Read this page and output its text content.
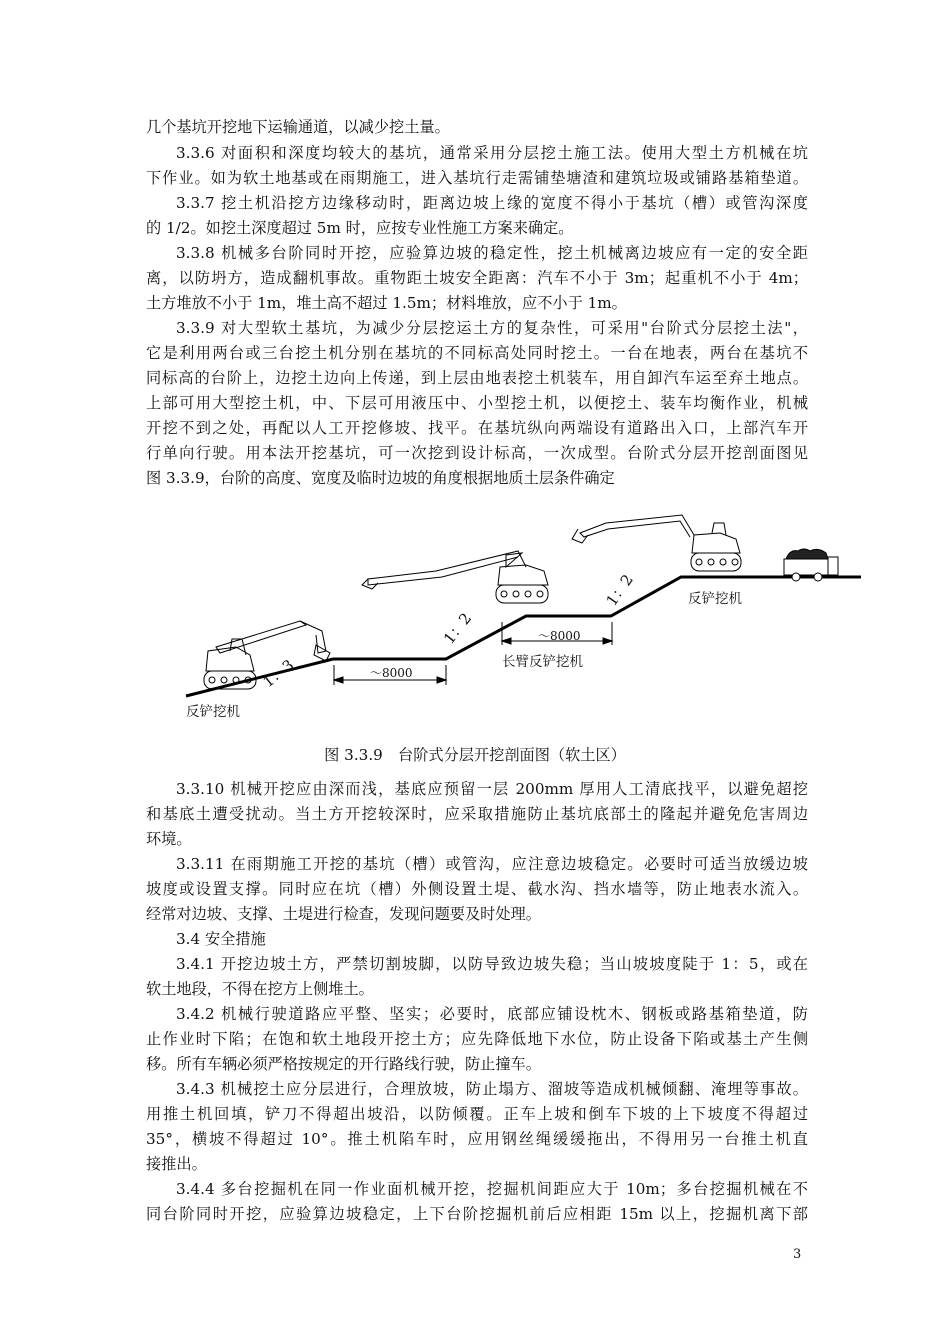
几个基坑开挖地下运输通道，以减少挖土量。
3.3.6 对面积和深度均较大的基坑，通常采用分层挖土施工法。使用大型土方机械在坑
下作业。如为软土地基或在雨期施工，进入基坑行走需铺垫塘渣和建筑垃圾或铺路基箱垫道。
3.3.7 挖土机沿挖方边缘移动时，距离边坡上缘的宽度不得小于基坑（槽）或管沟深度
的 1/2。如挖土深度超过 5m 时，应按专业性施工方案来确定。
3.3.8 机械多台阶同时开挖，应验算边坡的稳定性，挖土机械离边坡应有一定的安全距
离，以防坍方，造成翻机事故。重物距土坡安全距离：汽车不小于 3m；起重机不小于 4m；
土方堆放不小于 1m，堆土高不超过 1.5m；材料堆放，应不小于 1m。
3.3.9 对大型软土基坑，为减少分层挖运土方的复杂性，可采用"台阶式分层挖土法"，
它是利用两台或三台挖土机分别在基坑的不同标高处同时挖土。一台在地表，两台在基坑不
同标高的台阶上，边挖土边向上传递，到上层由地表挖土机装车，用自卸汽车运至弃土地点。
上部可用大型挖土机，中、下层可用液压中、小型挖土机，以便挖土、装车均衡作业，机械
开挖不到之处，再配以人工开挖修坡、找平。在基坑纵向两端设有道路出入口，上部汽车开
行单向行驶。用本法开挖基坑，可一次挖到设计标高，一次成型。台阶式分层开挖剖面图见
图 3.3.9，台阶的高度、宽度及临时边坡的角度根据地质土层条件确定
1：3
1：2
1：2
～8000
～8000
反铲挖机
长臂反铲挖机
反铲挖机
图 3.3.9　台阶式分层开挖剖面图（软土区）
3.3.10 机械开挖应由深而浅，基底应预留一层 200mm 厚用人工清底找平，以避免超挖
和基底土遭受扰动。当土方开挖较深时，应采取措施防止基坑底部土的隆起并避免危害周边
环境。
3.3.11 在雨期施工开挖的基坑（槽）或管沟，应注意边坡稳定。必要时可适当放缓边坡
坡度或设置支撑。同时应在坑（槽）外侧设置土堤、截水沟、挡水墙等，防止地表水流入。
经常对边坡、支撑、土堤进行检查，发现问题要及时处理。
3.4 安全措施
3.4.1 开挖边坡土方，严禁切割坡脚，以防导致边坡失稳；当山坡坡度陡于 1：5，或在
软土地段，不得在挖方上侧堆土。
3.4.2 机械行驶道路应平整、坚实；必要时，底部应铺设枕木、钢板或路基箱垫道，防
止作业时下陷；在饱和软土地段开挖土方；应先降低地下水位，防止设备下陷或基土产生侧
移。所有车辆必须严格按规定的开行路线行驶，防止撞车。
3.4.3 机械挖土应分层进行，合理放坡，防止塌方、溜坡等造成机械倾翻、淹埋等事故。
用推土机回填，铲刀不得超出坡沿，以防倾覆。正车上坡和倒车下坡的上下坡度不得超过
35°，横坡不得超过 10°。推土机陷车时，应用钢丝绳缓缓拖出，不得用另一台推土机直
接推出。
3.4.4 多台挖掘机在同一作业面机械开挖，挖掘机间距应大于 10m；多台挖掘机械在不
同台阶同时开挖，应验算边坡稳定，上下台阶挖掘机前后应相距 15m 以上，挖掘机离下部
3
